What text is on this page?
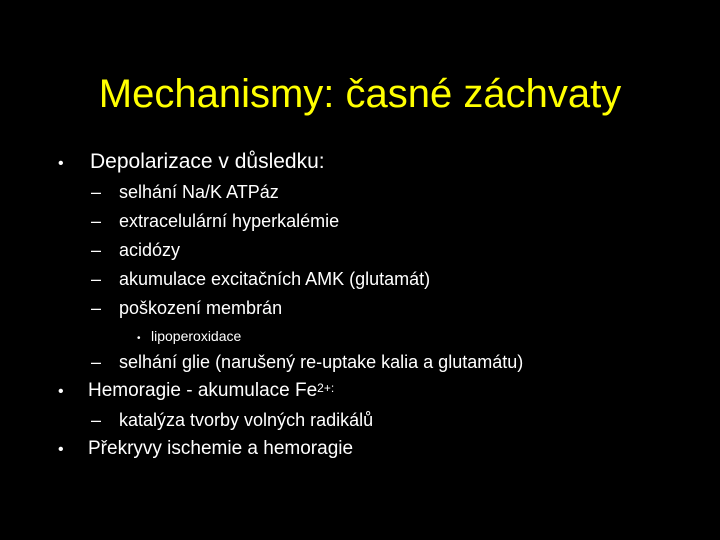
Mechanismy: časné záchvaty
• Depolarizace v důsledku:
– selhání Na/K ATPáz
– extracelulární hyperkalémie
– acidózy
– akumulace excitačních AMK (glutamát)
– poškození membrán
• lipoperoxidace
– selhání glie (narušený re-uptake kalia a glutamátu)
• Hemoragie - akumulace $Fe^{2+:}$
– katalýza tvorby volných radikálů
• Překryvy ischemie a hemoragie
